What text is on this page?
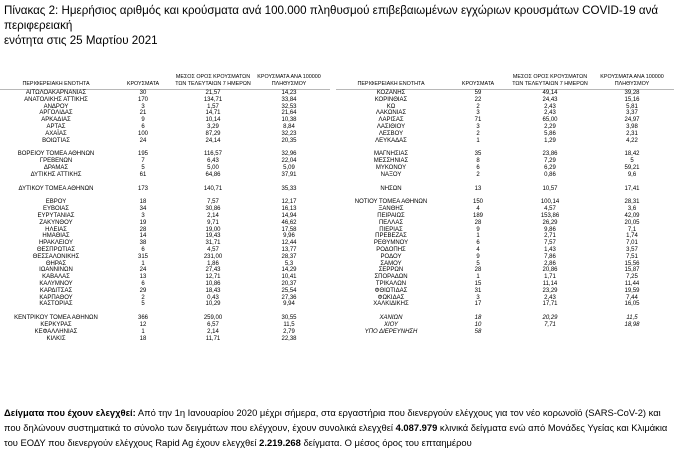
Πίνακας 2: Ημερήσιος αριθμός και κρούσματα ανά 100.000 πληθυσμού επιβεβαιωμένων εγχώριων κρουσμάτων COVID-19 ανά περιφερειακή
ενότητα στις 25 Μαρτίου 2021
ΠΕΡΙΦΕΡΕΙΑΚΗ ΕΝΟΤΗΤΑ	ΚΡΟΥΣΜΑΤΑ
ΜΕΣΟΣ ΟΡΟΣ ΚΡΟΥΣΜΑΤΩΝ ΤΩΝ ΤΕΛΕΥΤΑΙΩΝ 7 ΗΜΕΡΩΝ
ΚΡΟΥΣΜΑΤΑ ΑΝΑ 100000 ΠΛΗΘΥΣΜΟΥ
ΑΙΤΩΛΟΑΚΑΡΝΑΝΙΑΣ	30	21,57	14,23
ΑΝΑΤΟΛΙΚΗΣ ΑΤΤΙΚΗΣ	170	134,71	33,84
ΑΝΔΡΟΥ	3	1,57	32,53
ΑΡΓΟΛΙΔΑΣ	21	14,71	21,64
ΑΡΚΑΔΙΑΣ	9	10,14	10,38
ΑΡΤΑΣ	6	3,29	8,84
ΑΧΑΪΑΣ	100	87,29	32,23
ΒΟΙΩΤΙΑΣ	24	24,14	20,35
ΒΟΡΕΙΟΥ ΤΟΜΕΑ ΑΘΗΝΩΝ	195	116,57	32,96
ΓΡΕΒΕΝΩΝ	7	6,43	22,04
ΔΡΑΜΑΣ	5	5,00	5,09
ΔΥΤΙΚΗΣ ΑΤΤΙΚΗΣ	61	64,86	37,91
ΔΥΤΙΚΟΥ ΤΟΜΕΑ ΑΘΗΝΩΝ	173	140,71	35,33
ΕΒΡΟΥ	18	7,57	12,17
ΕΥΒΟΙΑΣ	34	30,86	16,13
ΕΥΡΥΤΑΝΙΑΣ	3	2,14	14,94
ΖΑΚΥΝΘΟΥ	19	9,71	46,62
ΗΛΕΙΑΣ	28	19,00	17,58
ΗΜΑΘΙΑΣ	14	19,43	9,96
ΗΡΑΚΛΕΙΟΥ	38	31,71	12,44
ΘΕΣΠΡΩΤΙΑΣ	6	4,57	13,77
ΘΕΣΣΑΛΟΝΙΚΗΣ	315	231,00	28,37
ΘΗΡΑΣ	1	1,86	5,3
ΙΩΑΝΝΙΝΩΝ	24	27,43	14,29
ΚΑΒΑΛΑΣ	13	12,71	10,41
ΚΑΛΥΜΝΟΥ	6	10,86	20,37
ΚΑΡΔΙΤΣΑΣ	29	18,43	25,54
ΚΑΡΠΑΘΟΥ	2	0,43	27,36
ΚΑΣΤΟΡΙΑΣ	5	10,29	9,94
ΚΕΝΤΡΙΚΟΥ ΤΟΜΕΑ ΑΘΗΝΩΝ	366	259,00	30,55
ΚΕΡΚΥΡΑΣ	12	6,57	11,5
ΚΕΦΑΛΛΗΝΙΑΣ	1	2,14	2,79
ΚΙΛΚΙΣ	18	11,71	22,38
ΠΕΡΙΦΕΡΕΙΑΚΗ ΕΝΟΤΗΤΑ	ΚΡΟΥΣΜΑΤΑ
ΜΕΣΟΣ ΟΡΟΣ ΚΡΟΥΣΜΑΤΩΝ ΤΩΝ ΤΕΛΕΥΤΑΙΩΝ 7 ΗΜΕΡΩΝ
ΚΡΟΥΣΜΑΤΑ ΑΝΑ 100000 ΠΛΗΘΥΣΜΟΥ
ΚΟΖΑΝΗΣ	59	49,14	39,28
ΚΟΡΙΝΘΙΑΣ	22	24,43	15,16
ΚΩ	2	2,43	5,81
ΛΑΚΩΝΙΑΣ	3	2,43	3,37
ΛΑΡΙΣΑΣ	71	65,00	24,97
ΛΑΣΙΘΙΟΥ	3	2,29	3,98
ΛΕΣΒΟΥ	2	5,86	2,31
ΛΕΥΚΑΔΑΣ	1	1,29	4,22
ΜΑΓΝΗΣΙΑΣ	35	23,86	18,42
ΜΕΣΣΗΝΙΑΣ	8	7,29	5
ΜΥΚΟΝΟΥ	6	6,29	59,21
ΝΑΞΟΥ	2	0,86	9,6
ΝΗΣΩΝ	13	10,57	17,41
ΝΟΤΙΟΥ ΤΟΜΕΑ ΑΘΗΝΩΝ	150	100,14	28,31
ΞΑΝΘΗΣ	4	4,57	3,6
ΠΕΙΡΑΙΩΣ	189	153,86	42,09
ΠΕΛΛΑΣ	28	26,29	20,05
ΠΙΕΡΙΑΣ	9	9,86	7,1
ΠΡΕΒΕΖΑΣ	1	2,71	1,74
ΡΕΘΥΜΝΟΥ	6	7,57	7,01
ΡΟΔΟΠΗΣ	4	1,43	3,57
ΡΟΔΟΥ	9	7,86	7,51
ΣΑΜΟΥ	5	2,86	15,56
ΣΕΡΡΩΝ	28	20,86	15,87
ΣΠΟΡΑΔΩΝ	1	1,71	7,25
ΤΡΙΚΑΛΩΝ	15	11,14	11,44
ΦΘΙΩΤΙΔΑΣ	31	23,29	19,59
ΦΩΚΙΔΑΣ	3	2,43	7,44
ΧΑΛΚΙΔΙΚΗΣ	17	17,71	16,05
ΧΑΝΙΩΝ	18	20,29	11,5
ΧΙΟΥ	10	7,71	18,98
ΥΠΟ ΔΙΕΡΕΥΝΗΣΗ	58
Δείγματα που έχουν ελεγχθεί: Από την 1η Ιανουαρίου 2020 μέχρι σήμερα, στα εργαστήρια που διενεργούν ελέγχους για τον νέο κορωνοϊό (SARS-CoV-2) και που δηλώνουν συστηματικά το σύνολο των δειγμάτων που ελέγχουν, έχουν συνολικά ελεγχθεί 4.087.979 κλινικά δείγματα ενώ από Μονάδες Υγείας και Κλιμάκια του ΕΟΔΥ που διενεργούν ελέγχους Rapid Ag έχουν ελεγχθεί 2.219.268 δείγματα. Ο μέσος όρος του επταημέρου
